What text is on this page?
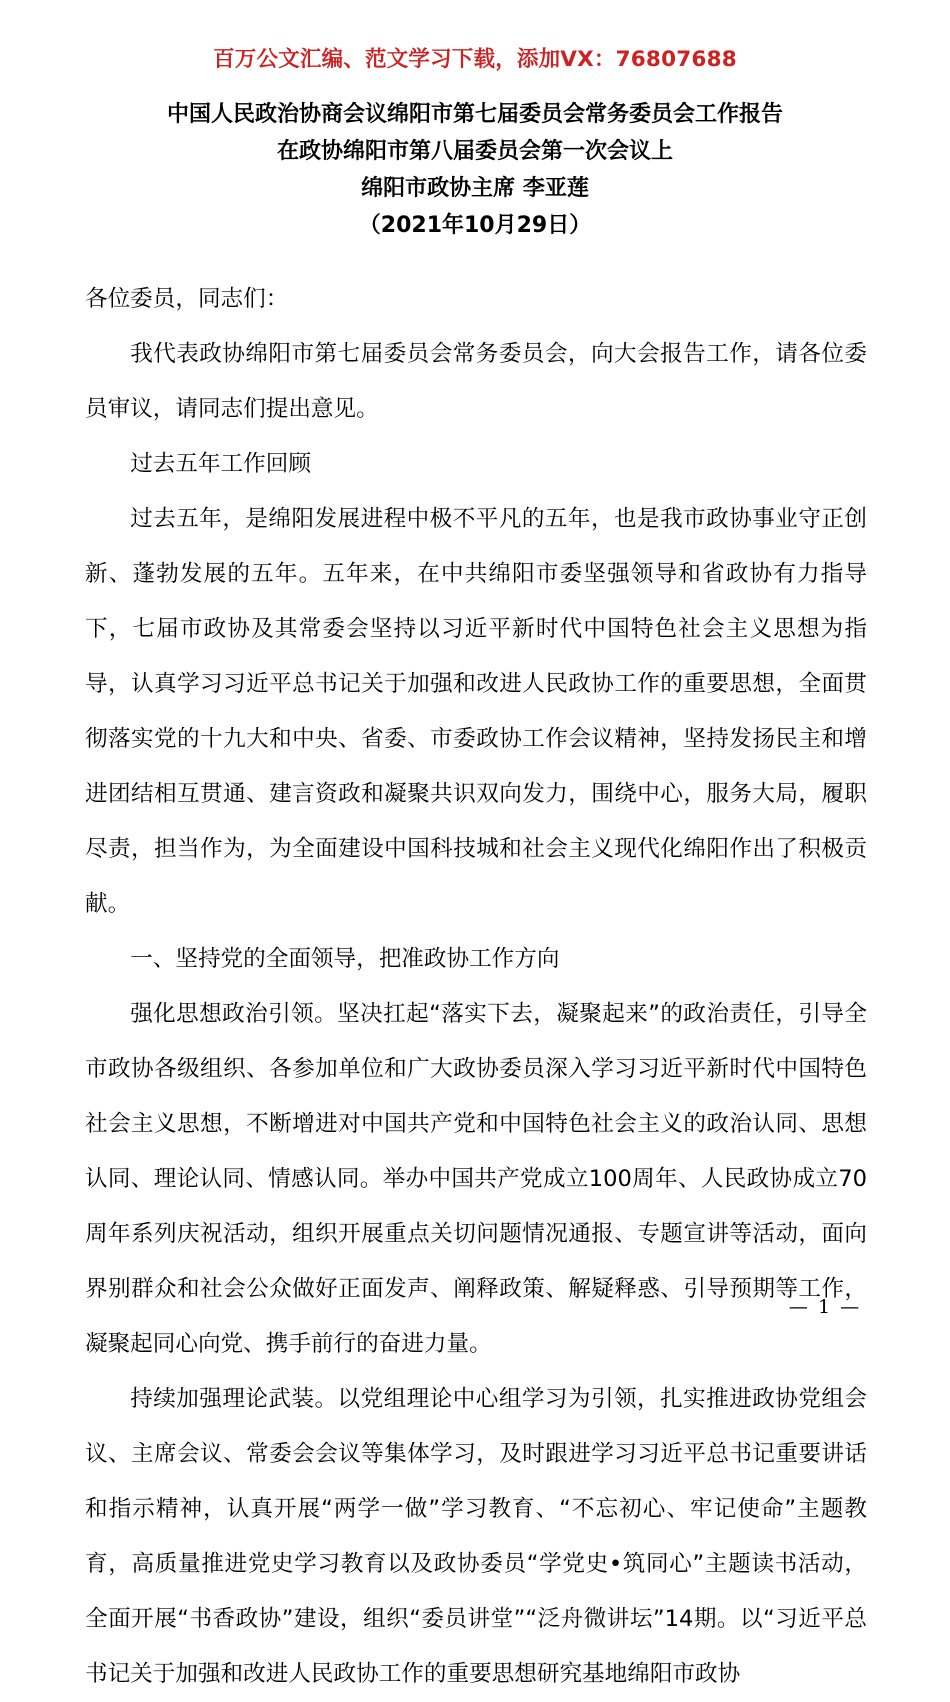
百万公文汇编、范文学习下载，添加VX：76807688
中国人民政治协商会议绵阳市第七届委员会常务委员会工作报告
在政协绵阳市第八届委员会第一次会议上
绵阳市政协主席 李亚莲
（2021年10月29日）

各位委员，同志们：

我代表政协绵阳市第七届委员会常务委员会，向大会报告工作，请各位委员审议，请同志们提出意见。

过去五年工作回顾

过去五年，是绵阳发展进程中极不平凡的五年，也是我市政协事业守正创新、蓬勃发展的五年。五年来，在中共绵阳市委坚强领导和省政协有力指导下，七届市政协及其常委会坚持以习近平新时代中国特色社会主义思想为指导，认真学习习近平总书记关于加强和改进人民政协工作的重要思想，全面贯彻落实党的十九大和中央、省委、市委政协工作会议精神，坚持发扬民主和增进团结相互贯通、建言资政和凝聚共识双向发力，围绕中心，服务大局，履职尽责，担当作为，为全面建设中国科技城和社会主义现代化绵阳作出了积极贡献。

一、坚持党的全面领导，把准政协工作方向

强化思想政治引领。坚决扛起“落实下去，凝聚起来”的政治责任，引导全市政协各级组织、各参加单位和广大政协委员深入学习习近平新时代中国特色社会主义思想，不断增进对中国共产党和中国特色社会主义的政治认同、思想认同、理论认同、情感认同。举办中国共产党成立100周年、人民政协成立70周年系列庆祝活动，组织开展重点关切问题情况通报、专题宣讲等活动，面向界别群众和社会公众做好正面发声、阐释政策、解疑释惑、引导预期等工作，凝聚起同心向党、携手前行的奋进力量。

持续加强理论武装。以党组理论中心组学习为引领，扎实推进政协党组会议、主席会议、常委会会议等集体学习，及时跟进学习习近平总书记重要讲话和指示精神，认真开展“两学一做”学习教育、“不忘初心、牢记使命”主题教育，高质量推进党史学习教育以及政协委员“学党史•筑同心”主题读书活动，全面开展“书香政协”建设，组织“委员讲堂”“泛舟微讲坛”14期。以“习近平总书记关于加强和改进人民政协工作的重要思想研究基地绵阳市政协

— 1 —
